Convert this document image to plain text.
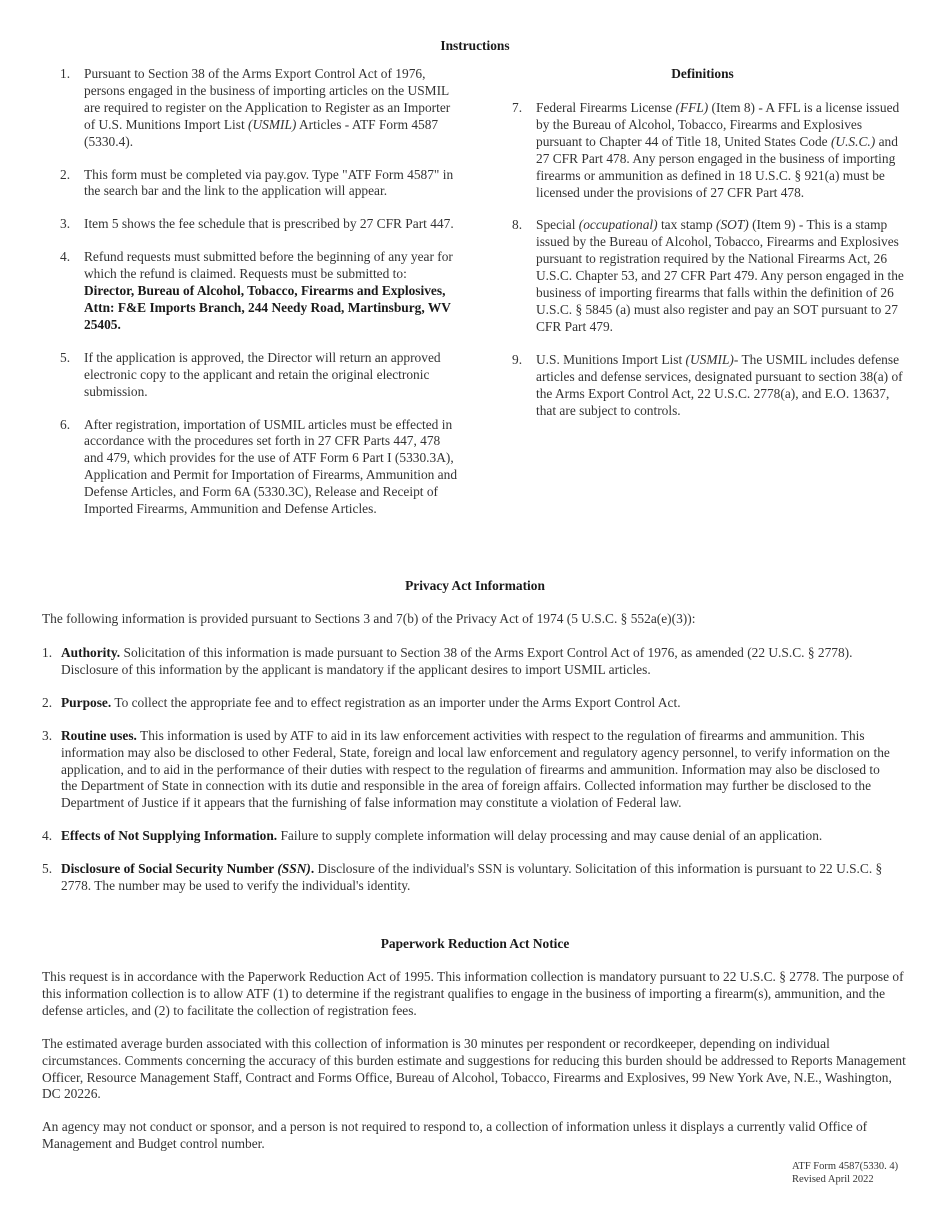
Instructions
1. Pursuant to Section 38 of the Arms Export Control Act of 1976, persons engaged in the business of importing articles on the USMIL are required to register on the Application to Register as an Importer of U.S. Munitions Import List (USMIL) Articles - ATF Form 4587 (5330.4).
2. This form must be completed via pay.gov. Type "ATF Form 4587" in the search bar and the link to the application will appear.
3. Item 5 shows the fee schedule that is prescribed by 27 CFR Part 447.
4. Refund requests must submitted before the beginning of any year for which the refund is claimed. Requests must be submitted to: Director, Bureau of Alcohol, Tobacco, Firearms and Explosives, Attn: F&E Imports Branch, 244 Needy Road, Martinsburg, WV 25405.
5. If the application is approved, the Director will return an approved electronic copy to the applicant and retain the original electronic submission.
6. After registration, importation of USMIL articles must be effected in accordance with the procedures set forth in 27 CFR Parts 447, 478 and 479, which provides for the use of ATF Form 6 Part I (5330.3A), Application and Permit for Importation of Firearms, Ammunition and Defense Articles, and Form 6A (5330.3C), Release and Receipt of Imported Firearms, Ammunition and Defense Articles.
Definitions
7. Federal Firearms License (FFL) (Item 8) - A FFL is a license issued by the Bureau of Alcohol, Tobacco, Firearms and Explosives pursuant to Chapter 44 of Title 18, United States Code (U.S.C.) and 27 CFR Part 478. Any person engaged in the business of importing firearms or ammunition as defined in 18 U.S.C. § 921(a) must be licensed under the provisions of 27 CFR Part 478.
8. Special (occupational) tax stamp (SOT) (Item 9) - This is a stamp issued by the Bureau of Alcohol, Tobacco, Firearms and Explosives pursuant to registration required by the National Firearms Act, 26 U.S.C. Chapter 53, and 27 CFR Part 479. Any person engaged in the business of importing firearms that falls within the definition of 26 U.S.C. § 5845 (a) must also register and pay an SOT pursuant to 27 CFR Part 479.
9. U.S. Munitions Import List (USMIL)- The USMIL includes defense articles and defense services, designated pursuant to section 38(a) of the Arms Export Control Act, 22 U.S.C. 2778(a), and E.O. 13637, that are subject to controls.
Privacy Act Information

The following information is provided pursuant to Sections 3 and 7(b) of the Privacy Act of 1974 (5 U.S.C. § 552a(e)(3)):

1. Authority. Solicitation of this information is made pursuant to Section 38 of the Arms Export Control Act of 1976, as amended (22 U.S.C. § 2778). Disclosure of this information by the applicant is mandatory if the applicant desires to import USMIL articles.
2. Purpose. To collect the appropriate fee and to effect registration as an importer under the Arms Export Control Act.
3. Routine uses. This information is used by ATF to aid in its law enforcement activities with respect to the regulation of firearms and ammunition. This information may also be disclosed to other Federal, State, foreign and local law enforcement and regulatory agency personnel, to verify information on the application, and to aid in the performance of their duties with respect to the regulation of firearms and ammunition. Information may also be disclosed to the Department of State in connection with its dutie and responsible in the area of foreign affairs. Collected information may further be disclosed to the Department of Justice if it appears that the furnishing of false information may constitute a violation of Federal law.
4. Effects of Not Supplying Information. Failure to supply complete information will delay processing and may cause denial of an application.
5. Disclosure of Social Security Number (SSN). Disclosure of the individual's SSN is voluntary. Solicitation of this information is pursuant to 22 U.S.C. § 2778. The number may be used to verify the individual's identity.
Paperwork Reduction Act Notice

This request is in accordance with the Paperwork Reduction Act of 1995. This information collection is mandatory pursuant to 22 U.S.C. § 2778. The purpose of this information collection is to allow ATF (1) to determine if the registrant qualifies to engage in the business of importing a firearm(s), ammunition, and the defense articles, and (2) to facilitate the collection of registration fees.

The estimated average burden associated with this collection of information is 30 minutes per respondent or recordkeeper, depending on individual circumstances. Comments concerning the accuracy of this burden estimate and suggestions for reducing this burden should be addressed to Reports Management Officer, Resource Management Staff, Contract and Forms Office, Bureau of Alcohol, Tobacco, Firearms and Explosives, 99 New York Ave, N.E., Washington, DC 20226.

An agency may not conduct or sponsor, and a person is not required to respond to, a collection of information unless it displays a currently valid Office of Management and Budget control number.

ATF Form 4587(5330. 4)
Revised April 2022
